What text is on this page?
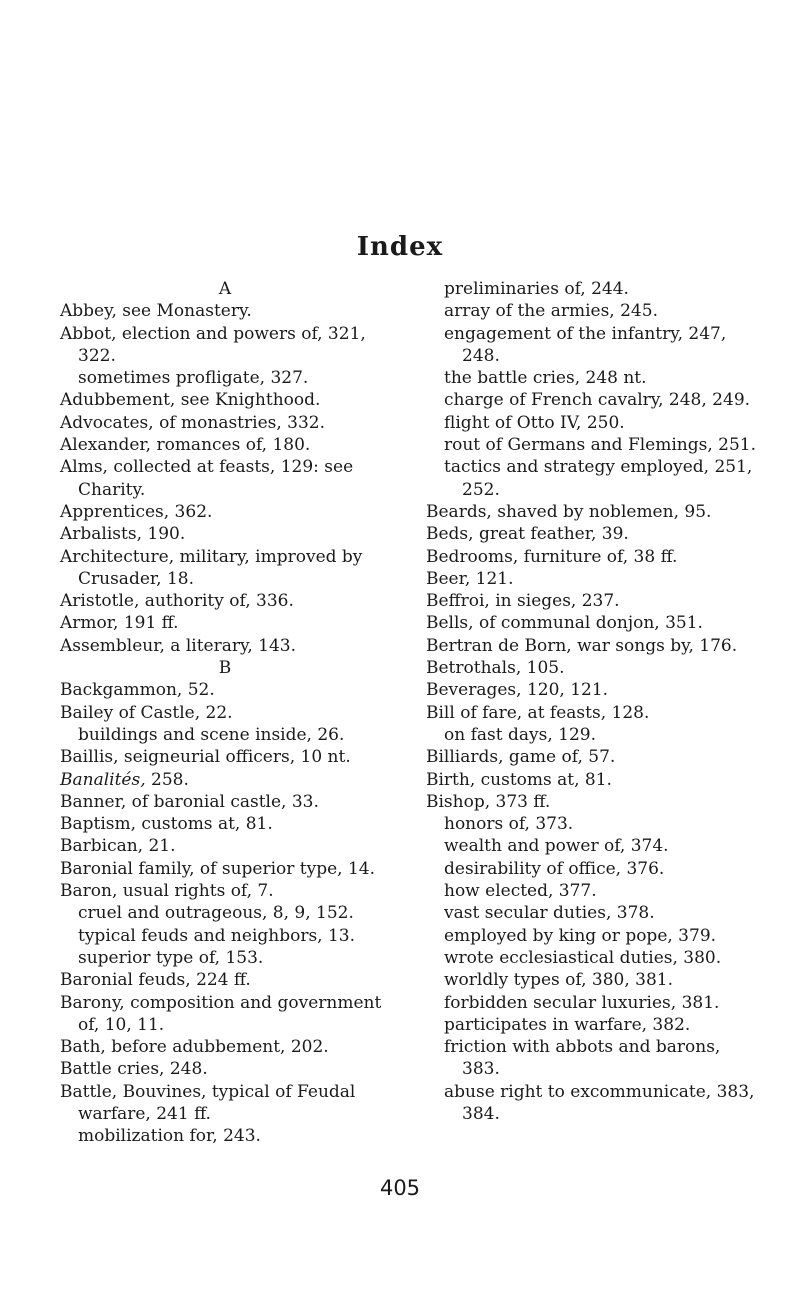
Index
A
Abbey, see Monastery.
Abbot, election and powers of, 321, 322.
sometimes profligate, 327.
Adubbement, see Knighthood.
Advocates, of monastries, 332.
Alexander, romances of, 180.
Alms, collected at feasts, 129: see Charity.
Apprentices, 362.
Arbalists, 190.
Architecture, military, improved by Crusader, 18.
Aristotle, authority of, 336.
Armor, 191 ff.
Assembleur, a literary, 143.
B
Backgammon, 52.
Bailey of Castle, 22.
buildings and scene inside, 26.
Baillis, seigneurial officers, 10 nt.
Banalités, 258.
Banner, of baronial castle, 33.
Baptism, customs at, 81.
Barbican, 21.
Baronial family, of superior type, 14.
Baron, usual rights of, 7.
cruel and outrageous, 8, 9, 152.
typical feuds and neighbors, 13.
superior type of, 153.
Baronial feuds, 224 ff.
Barony, composition and government of, 10, 11.
Bath, before adubbement, 202.
Battle cries, 248.
Battle, Bouvines, typical of Feudal warfare, 241 ff.
mobilization for, 243.
preliminaries of, 244.
array of the armies, 245.
engagement of the infantry, 247, 248.
the battle cries, 248 nt.
charge of French cavalry, 248, 249.
flight of Otto IV, 250.
rout of Germans and Flemings, 251.
tactics and strategy employed, 251, 252.
Beards, shaved by noblemen, 95.
Beds, great feather, 39.
Bedrooms, furniture of, 38 ff.
Beer, 121.
Beffroi, in sieges, 237.
Bells, of communal donjon, 351.
Bertran de Born, war songs by, 176.
Betrothals, 105.
Beverages, 120, 121.
Bill of fare, at feasts, 128.
on fast days, 129.
Billiards, game of, 57.
Birth, customs at, 81.
Bishop, 373 ff.
honors of, 373.
wealth and power of, 374.
desirability of office, 376.
how elected, 377.
vast secular duties, 378.
employed by king or pope, 379.
wrote ecclesiastical duties, 380.
worldly types of, 380, 381.
forbidden secular luxuries, 381.
participates in warfare, 382.
friction with abbots and barons, 383.
abuse right to excommunicate, 383, 384.
405
